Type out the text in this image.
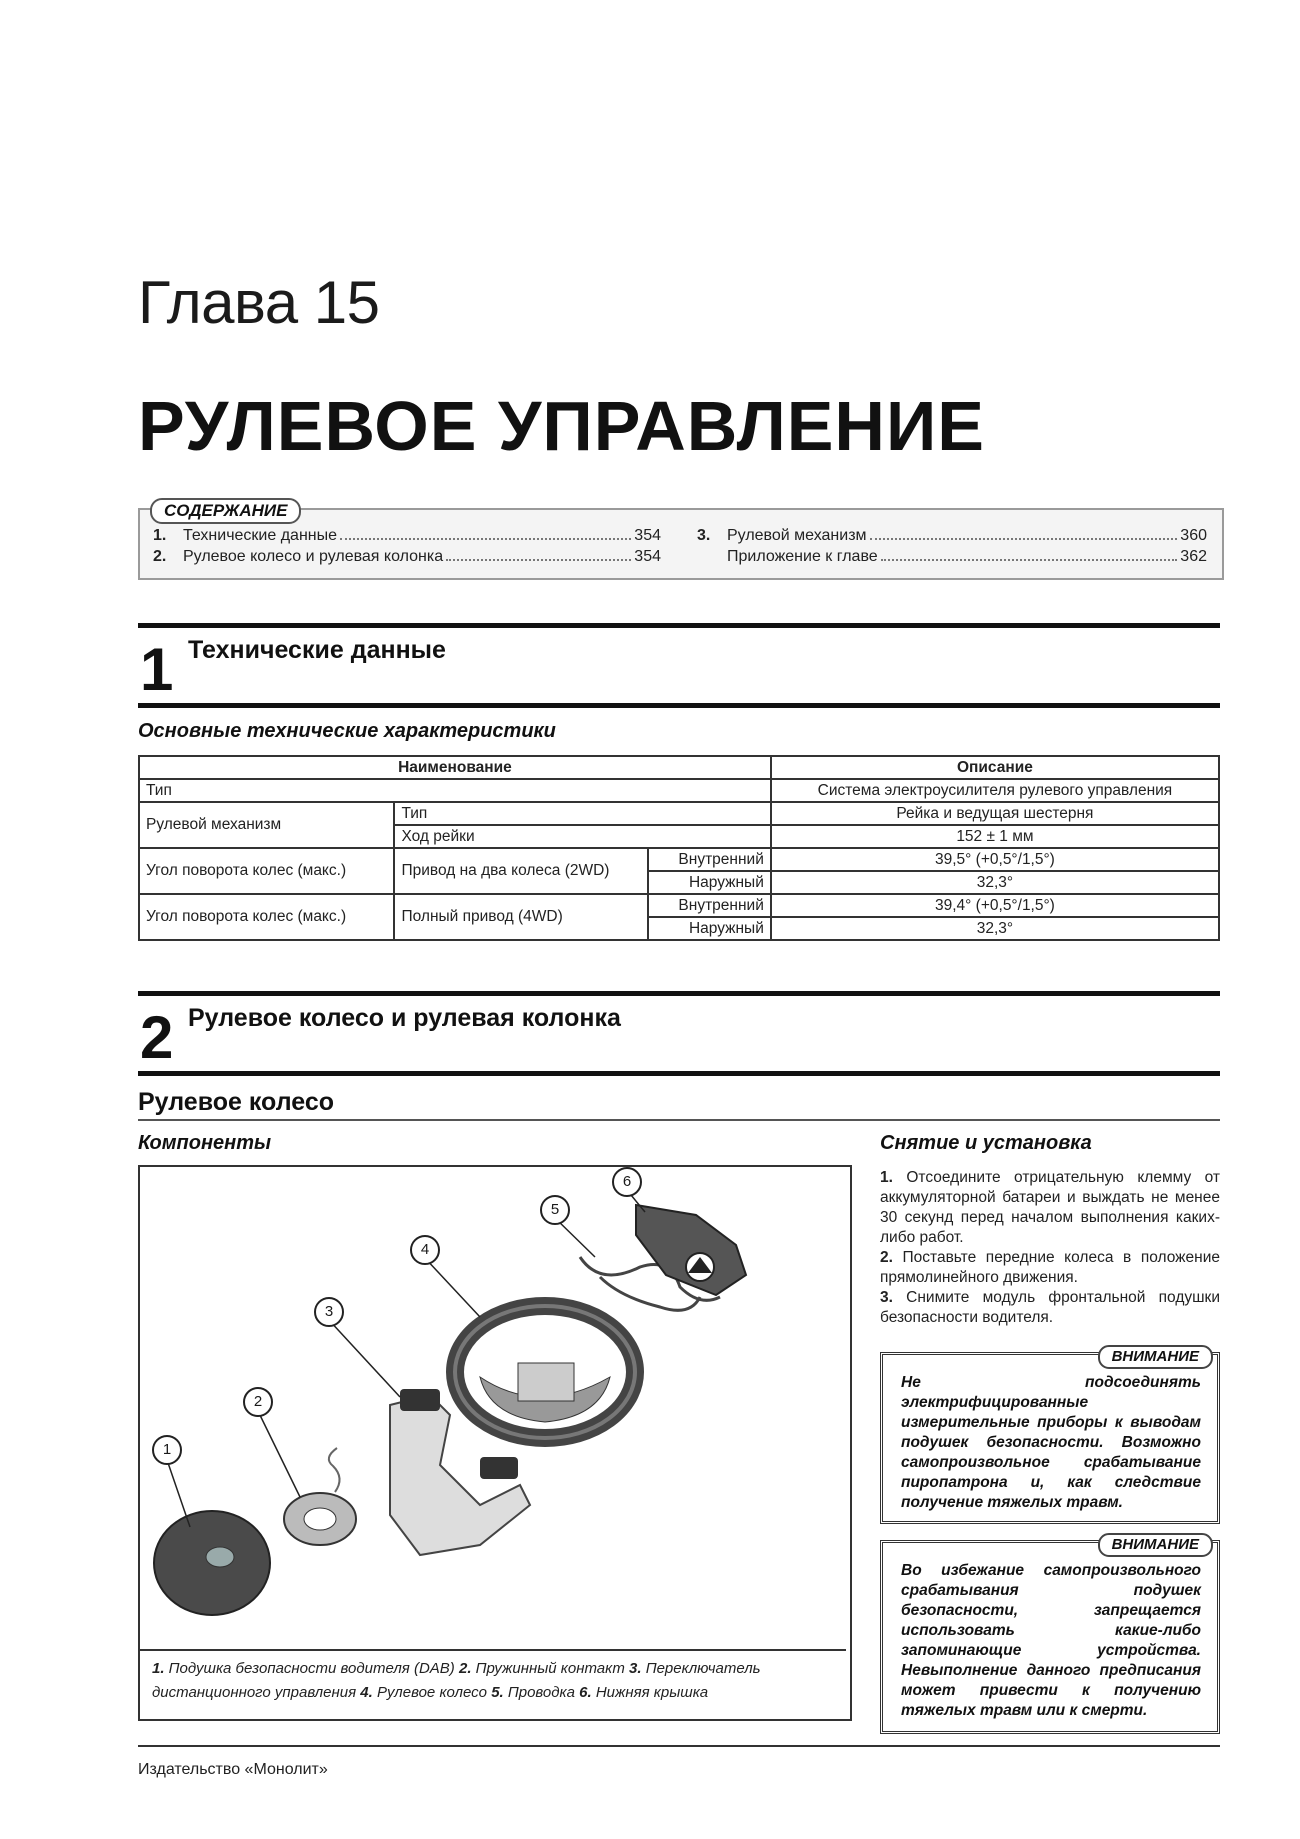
Глава 15
РУЛЕВОЕ УПРАВЛЕНИЕ
СОДЕРЖАНИЕ
1.	Технические данные	354
2.	Рулевое колесо и рулевая колонка	354
3.	Рулевой механизм	360
Приложение к главе	362
1 Технические данные
Основные технические характеристики
Наименование			Описание
Тип			Система электроусилителя рулевого управления
Рулевой механизм	Тип		Рейка и ведущая шестерня
	Ход рейки		152 ± 1 мм
Угол поворота колес (макс.)	Привод на два колеса (2WD)	Внутренний	39,5° (+0,5°/1,5°)
		Наружный	32,3°
Угол поворота колес (макс.)	Полный привод (4WD)	Внутренний	39,4° (+0,5°/1,5°)
		Наружный	32,3°
2 Рулевое колесо и рулевая колонка
Рулевое колесо
Компоненты
1
2
3
4
5
6
1. Подушка безопасности водителя (DAB) 2. Пружинный контакт 3. Переключатель дистанционного управления 4. Рулевое колесо 5. Проводка 6. Нижняя крышка
Снятие и установка
1. Отсоедините отрицательную клемму от аккумуляторной батареи и выждать не менее 30 секунд перед началом выполнения каких-либо работ.
2. Поставьте передние колеса в положение прямолинейного движения.
3. Снимите модуль фронтальной подушки безопасности водителя.
ВНИМАНИЕ
Не подсоединять электрифицированные измерительные приборы к выводам подушек безопасности. Возможно самопроизвольное срабатывание пиропатрона и, как следствие получение тяжелых травм.
ВНИМАНИЕ
Во избежание самопроизвольного срабатывания подушек безопасности, запрещается использовать какие-либо запоминающие устройства. Невыполнение данного предписания может привести к получению тяжелых травм или к смерти.
Издательство «Монолит»
